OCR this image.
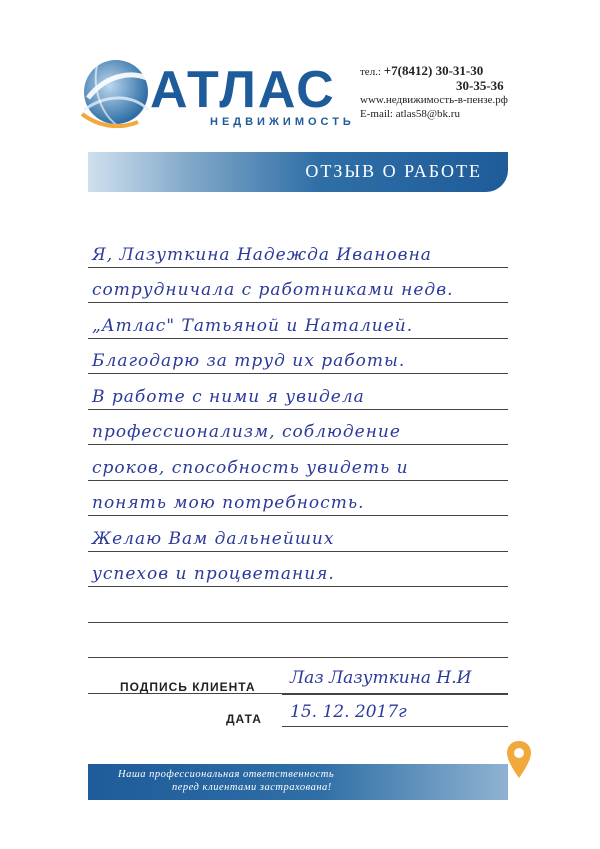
АТЛАС
НЕДВИЖИМОСТЬ
тел.: +7(8412) 30-31-30
30-35-36
www.недвижимость-в-пензе.рф
E-mail: atlas58@bk.ru
ОТЗЫВ О РАБОТЕ
Я, Лазуткина Надежда Ивановна
сотрудничала с работниками недв.
„Атлас" Татьяной и Наталией.
Благодарю за труд их работы.
В работе с ними я увидела
профессионализм, соблюдение
сроков, способность увидеть и
понять мою потребность.
Желаю Вам дальнейших
успехов и процветания.
ПОДПИСЬ КЛИЕНТА Лаз Лазуткина Н.И
ДАТА 15. 12. 2017г
Наша профессиональная ответственность
перед клиентами застрахована!
